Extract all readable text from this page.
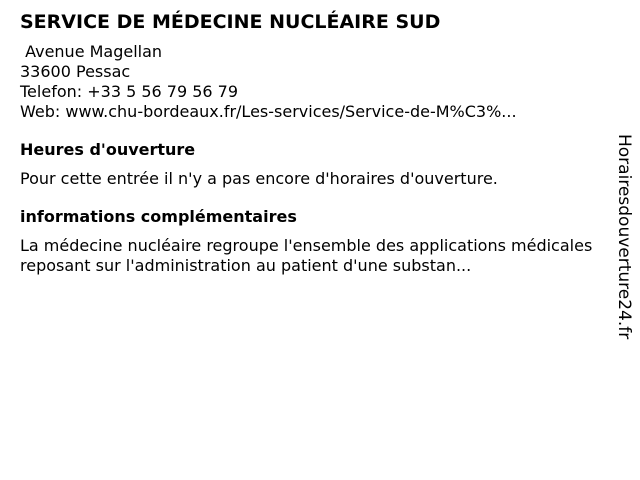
SERVICE DE MÉDECINE NUCLÉAIRE SUD
Avenue Magellan
33600 Pessac
Telefon: +33 5 56 79 56 79
Web: www.chu-bordeaux.fr/Les-services/Service-de-M%C3%...
Heures d'ouverture

Pour cette entrée il n'y a pas encore d'horaires d'ouverture.

informations complémentaires

La médecine nucléaire regroupe l'ensemble des applications médicales reposant sur l'administration au patient d'une substan...	Horairesdouverture24.fr
